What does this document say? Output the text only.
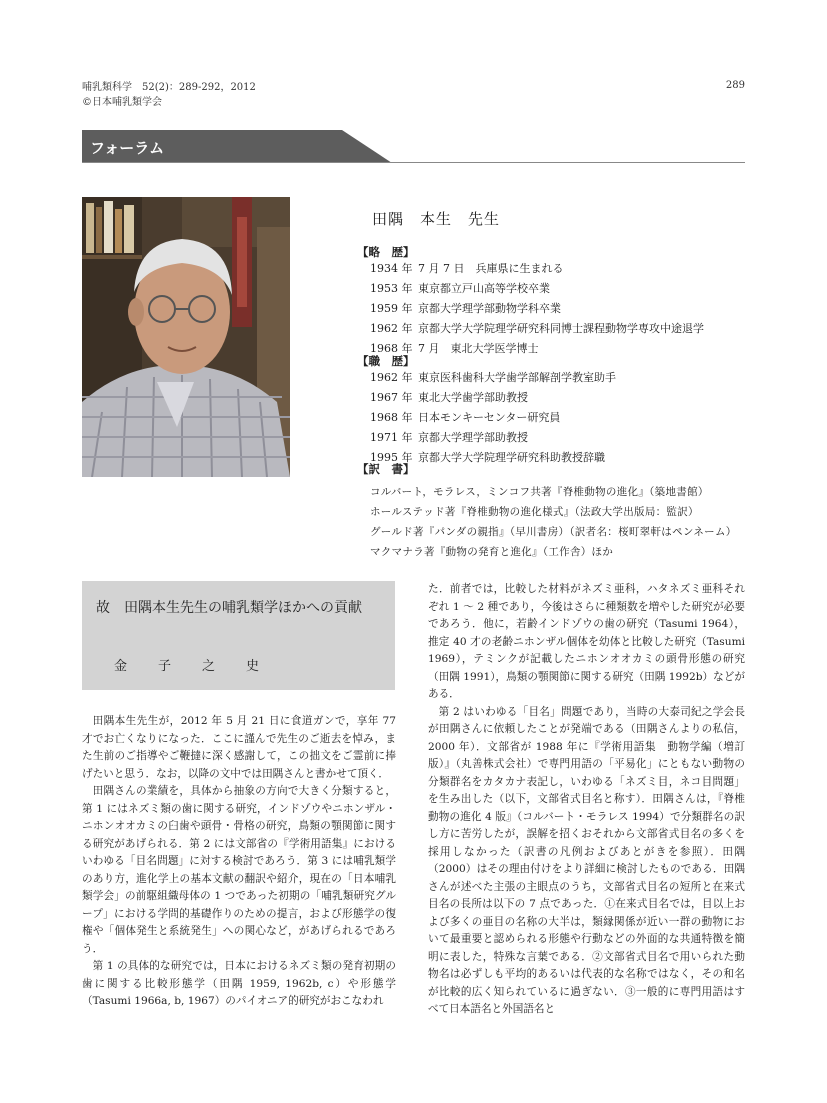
哺乳類科学　52(2)：289-292，2012
©日本哺乳類学会
289
フォーラム
田隅　本生　先生
【略　歴】
1934 年 7 月 7 日　兵庫県に生まれる
1953 年 東京都立戸山高等学校卒業
1959 年 京都大学理学部動物学科卒業
1962 年 京都大学大学院理学研究科同博士課程動物学専攻中途退学
1968 年 7 月　東北大学医学博士
【職　歴】
1962 年 東京医科歯科大学歯学部解剖学教室助手
1967 年 東北大学歯学部助教授
1968 年 日本モンキーセンター研究員
1971 年 京都大学理学部助教授
1995 年 京都大学大学院理学研究科助教授辞職
【訳　書】
コルバート，モラレス，ミンコフ共著『脊椎動物の進化』（築地書館）
ホールステッド著『脊椎動物の進化様式』（法政大学出版局：監訳）
グールド著『パンダの親指』（早川書房）（訳者名：桜町翠軒はペンネーム）
マクマナラ著『動物の発育と進化』（工作舎）ほか
故　田隅本生先生の哺乳類学ほかへの貢献
金　子　之　史

田隅本生先生が，2012 年 5 月 21 日に食道ガンで，享年 77 才でお亡くなりになった．ここに謹んで先生のご逝去を悼み，また生前のご指導やご鞭撻に深く感謝して，この拙文をご霊前に捧げたいと思う．なお，以降の文中では田隅さんと書かせて頂く．

田隅さんの業績を，具体から抽象の方向で大きく分類すると，第 1 にはネズミ類の歯に関する研究，インドゾウやニホンザル・ニホンオオカミの臼歯や頭骨・骨格の研究，鳥類の顎関節に関する研究があげられる．第 2 には文部省の『学術用語集』におけるいわゆる「目名問題」に対する検討であろう．第 3 には哺乳類学のあり方，進化学上の基本文献の翻訳や紹介，現在の「日本哺乳類学会」の前駆組織母体の 1 つであった初期の「哺乳類研究グループ」における学問的基礎作りのための提言，および形態学の復権や「個体発生と系統発生」への関心など，があげられるであろう．

第 1 の具体的な研究では，日本におけるネズミ類の発育初期の歯に関する比較形態学（田隅 1959, 1962b, c）や形態学（Tasumi 1966a, b, 1967）のパイオニア的研究がおこなわれ

た．前者では，比較した材料がネズミ亜科，ハタネズミ亜科それぞれ 1 ～ 2 種であり，今後はさらに種類数を増やした研究が必要であろう．他に，若齢インドゾウの歯の研究（Tasumi 1964），推定 40 才の老齢ニホンザル個体を幼体と比較した研究（Tasumi 1969），テミンクが記載したニホンオオカミの頭骨形態の研究（田隅 1991），鳥類の顎関節に関する研究（田隅 1992b）などがある．

第 2 はいわゆる「目名」問題であり，当時の大泰司紀之学会長が田隅さんに依頼したことが発端である（田隅さんよりの私信，2000 年）．文部省が 1988 年に『学術用語集　動物学編（増訂版）』（丸善株式会社）で専門用語の「平易化」にともない動物の分類群名をカタカナ表記し，いわゆる「ネズミ目，ネコ目問題」を生み出した（以下，文部省式目名と称す）．田隅さんは，『脊椎動物の進化 4 版』（コルバート・モラレス 1994）で分類群名の訳し方に苦労したが，誤解を招くおそれから文部省式目名の多くを採用しなかった（訳書の凡例およびあとがきを参照）．田隅（2000）はその理由付けをより詳細に検討したものである．田隅さんが述べた主張の主眼点のうち，文部省式目名の短所と在来式目名の長所は以下の 7 点であった．①在来式目名では，目以上および多くの亜目の名称の大半は，類縁関係が近い一群の動物において最重要と認められる形態や行動などの外面的な共通特徴を簡明に表した，特殊な言葉である．②文部省式目名で用いられた動物名は必ずしも平均的あるいは代表的な名称ではなく，その和名が比較的広く知られているに過ぎない．③一般的に専門用語はすべて日本語名と外国語名と
